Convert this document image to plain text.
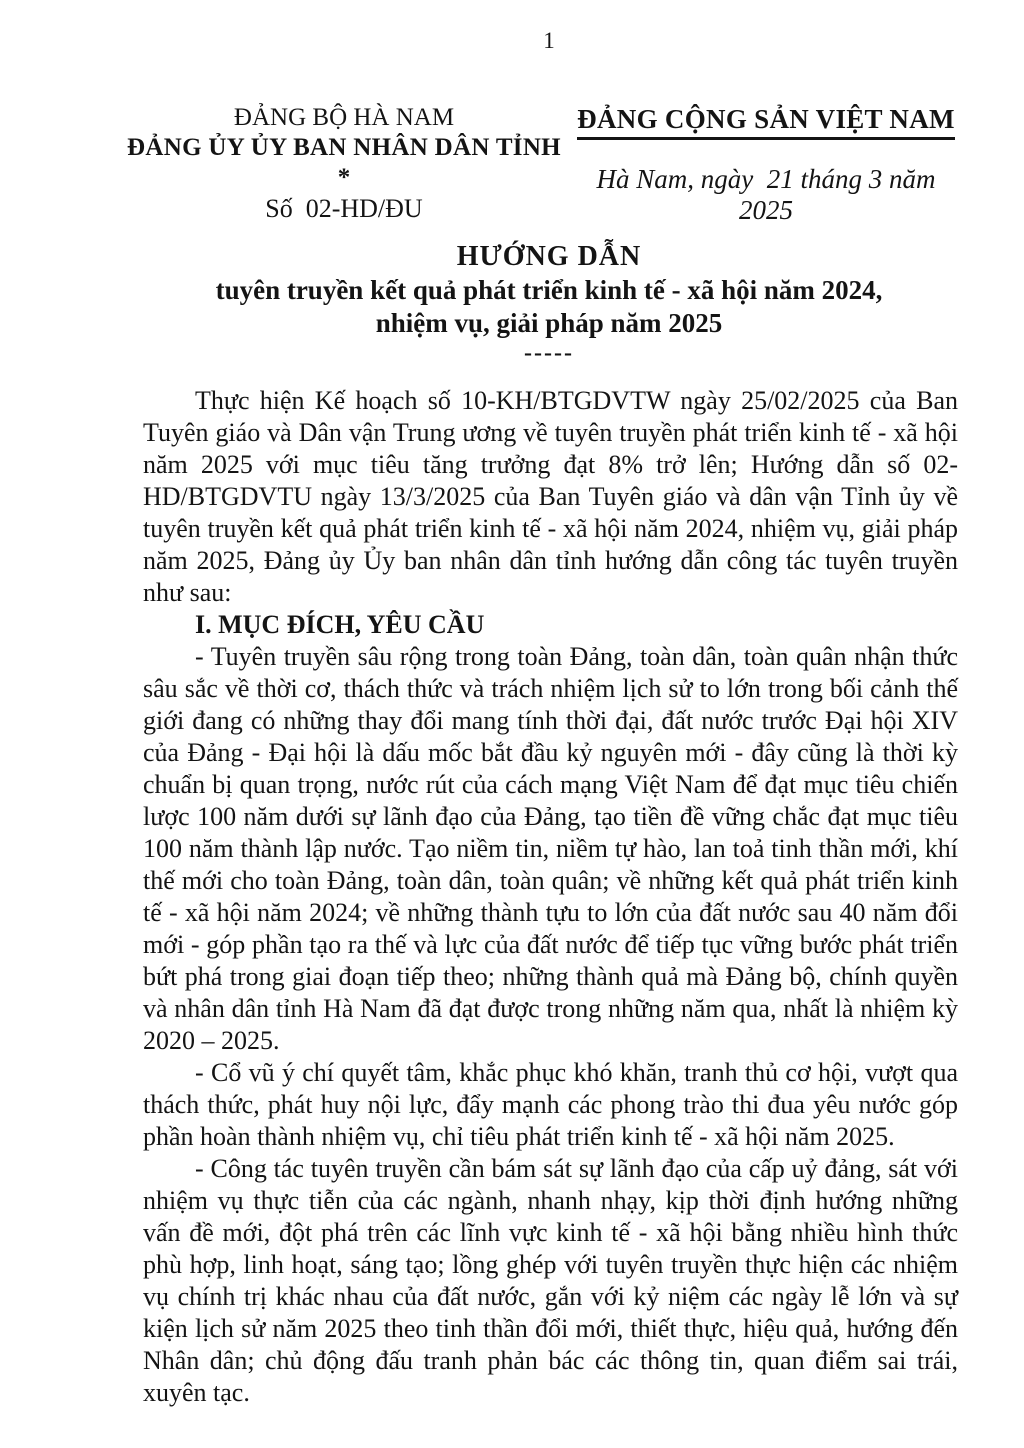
1
ĐẢNG BỘ HÀ NAM
ĐẢNG ỦY ỦY BAN NHÂN DÂN TỈNH
*
Số  02-HD/ĐU
ĐẢNG CỘNG SẢN VIỆT NAM
Hà Nam, ngày  21 tháng 3 năm 2025
HƯỚNG DẪN
tuyên truyền kết quả phát triển kinh tế - xã hội năm 2024,
nhiệm vụ, giải pháp năm 2025
-----

Thực hiện Kế hoạch số 10-KH/BTGDVTW ngày 25/02/2025 của Ban Tuyên giáo và Dân vận Trung ương về tuyên truyền phát triển kinh tế - xã hội năm 2025 với mục tiêu tăng trưởng đạt 8% trở lên; Hướng dẫn số 02- HD/BTGDVTU ngày 13/3/2025 của Ban Tuyên giáo và dân vận Tỉnh ủy về tuyên truyền kết quả phát triển kinh tế - xã hội năm 2024, nhiệm vụ, giải pháp năm 2025, Đảng ủy Ủy ban nhân dân tỉnh hướng dẫn công tác tuyên truyền như sau:

I. MỤC ĐÍCH, YÊU CẦU

- Tuyên truyền sâu rộng trong toàn Đảng, toàn dân, toàn quân nhận thức sâu sắc về thời cơ, thách thức và trách nhiệm lịch sử to lớn trong bối cảnh thế giới đang có những thay đổi mang tính thời đại, đất nước trước Đại hội XIV của Đảng - Đại hội là dấu mốc bắt đầu kỷ nguyên mới - đây cũng là thời kỳ chuẩn bị quan trọng, nước rút của cách mạng Việt Nam để đạt mục tiêu chiến lược 100 năm dưới sự lãnh đạo của Đảng, tạo tiền đề vững chắc đạt mục tiêu 100 năm thành lập nước. Tạo niềm tin, niềm tự hào, lan toả tinh thần mới, khí thế mới cho toàn Đảng, toàn dân, toàn quân; về những kết quả phát triển kinh tế - xã hội năm 2024; về những thành tựu to lớn của đất nước sau 40 năm đổi mới - góp phần tạo ra thế và lực của đất nước để tiếp tục vững bước phát triển bứt phá trong giai đoạn tiếp theo; những thành quả mà Đảng bộ, chính quyền và nhân dân tỉnh Hà Nam đã đạt được trong những năm qua, nhất là nhiệm kỳ 2020 – 2025.

- Cổ vũ ý chí quyết tâm, khắc phục khó khăn, tranh thủ cơ hội, vượt qua thách thức, phát huy nội lực, đẩy mạnh các phong trào thi đua yêu nước góp phần hoàn thành nhiệm vụ, chỉ tiêu phát triển kinh tế - xã hội năm 2025.

- Công tác tuyên truyền cần bám sát sự lãnh đạo của cấp uỷ đảng, sát với nhiệm vụ thực tiễn của các ngành, nhanh nhạy, kịp thời định hướng những vấn đề mới, đột phá trên các lĩnh vực kinh tế - xã hội bằng nhiều hình thức phù hợp, linh hoạt, sáng tạo; lồng ghép với tuyên truyền thực hiện các nhiệm vụ chính trị khác nhau của đất nước, gắn với kỷ niệm các ngày lễ lớn và sự kiện lịch sử năm 2025 theo tinh thần đổi mới, thiết thực, hiệu quả, hướng đến Nhân dân; chủ động đấu tranh phản bác các thông tin, quan điểm sai trái, xuyên tạc.
